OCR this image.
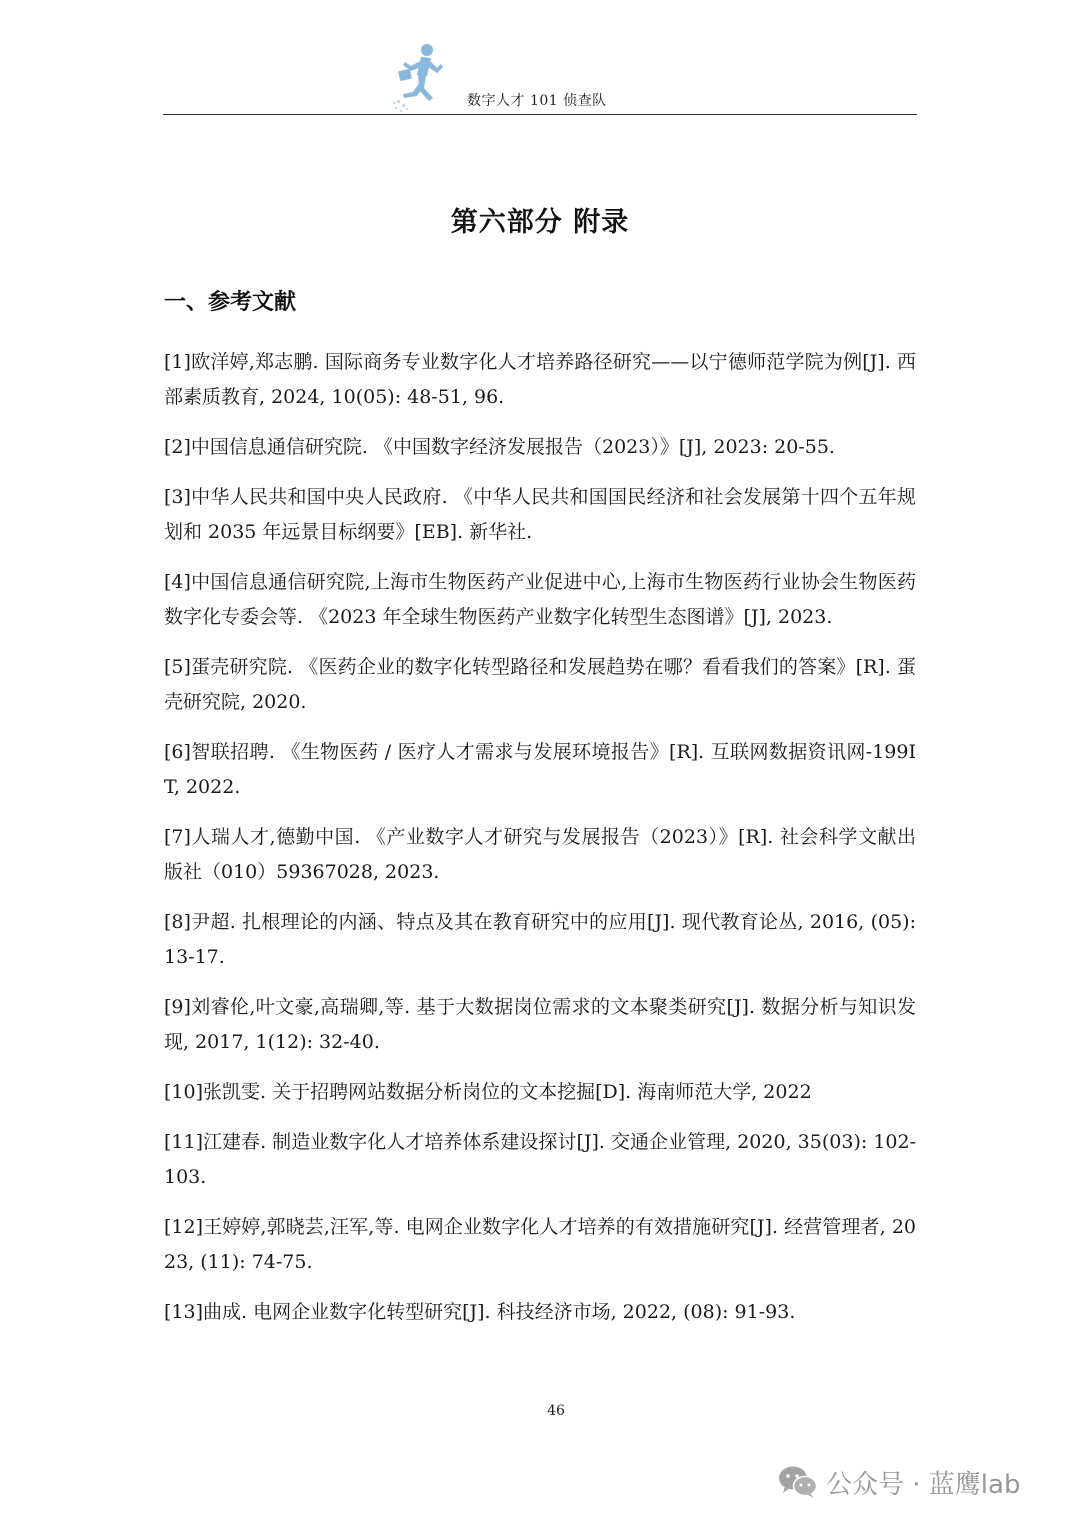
数字人才 101 侦查队
第六部分 附录
一、参考文献
[1]欧洋婷,郑志鹏. 国际商务专业数字化人才培养路径研究——以宁德师范学院为例[J]. 西部素质教育, 2024, 10(05): 48-51, 96.
[2]中国信息通信研究院. 《中国数字经济发展报告（2023）》[J], 2023: 20-55.
[3]中华人民共和国中央人民政府. 《中华人民共和国国民经济和社会发展第十四个五年规划和 2035 年远景目标纲要》[EB]. 新华社.
[4]中国信息通信研究院,上海市生物医药产业促进中心,上海市生物医药行业协会生物医药数字化专委会等. 《2023 年全球生物医药产业数字化转型生态图谱》[J], 2023.
[5]蛋壳研究院. 《医药企业的数字化转型路径和发展趋势在哪？看看我们的答案》[R]. 蛋壳研究院, 2020.
[6]智联招聘. 《生物医药 / 医疗人才需求与发展环境报告》[R]. 互联网数据资讯网-199IT, 2022.
[7]人瑞人才,德勤中国. 《产业数字人才研究与发展报告（2023）》[R]. 社会科学文献出版社（010）59367028, 2023.
[8]尹超. 扎根理论的内涵、特点及其在教育研究中的应用[J]. 现代教育论丛, 2016, (05): 13-17.
[9]刘睿伦,叶文豪,高瑞卿,等. 基于大数据岗位需求的文本聚类研究[J]. 数据分析与知识发现, 2017, 1(12): 32-40.
[10]张凯雯. 关于招聘网站数据分析岗位的文本挖掘[D]. 海南师范大学, 2022
[11]江建春. 制造业数字化人才培养体系建设探讨[J]. 交通企业管理, 2020, 35(03): 102-103.
[12]王婷婷,郭晓芸,汪军,等. 电网企业数字化人才培养的有效措施研究[J]. 经营管理者, 2023, (11): 74-75.
[13]曲成. 电网企业数字化转型研究[J]. 科技经济市场, 2022, (08): 91-93.
46
公众号 · 蓝鹰lab
